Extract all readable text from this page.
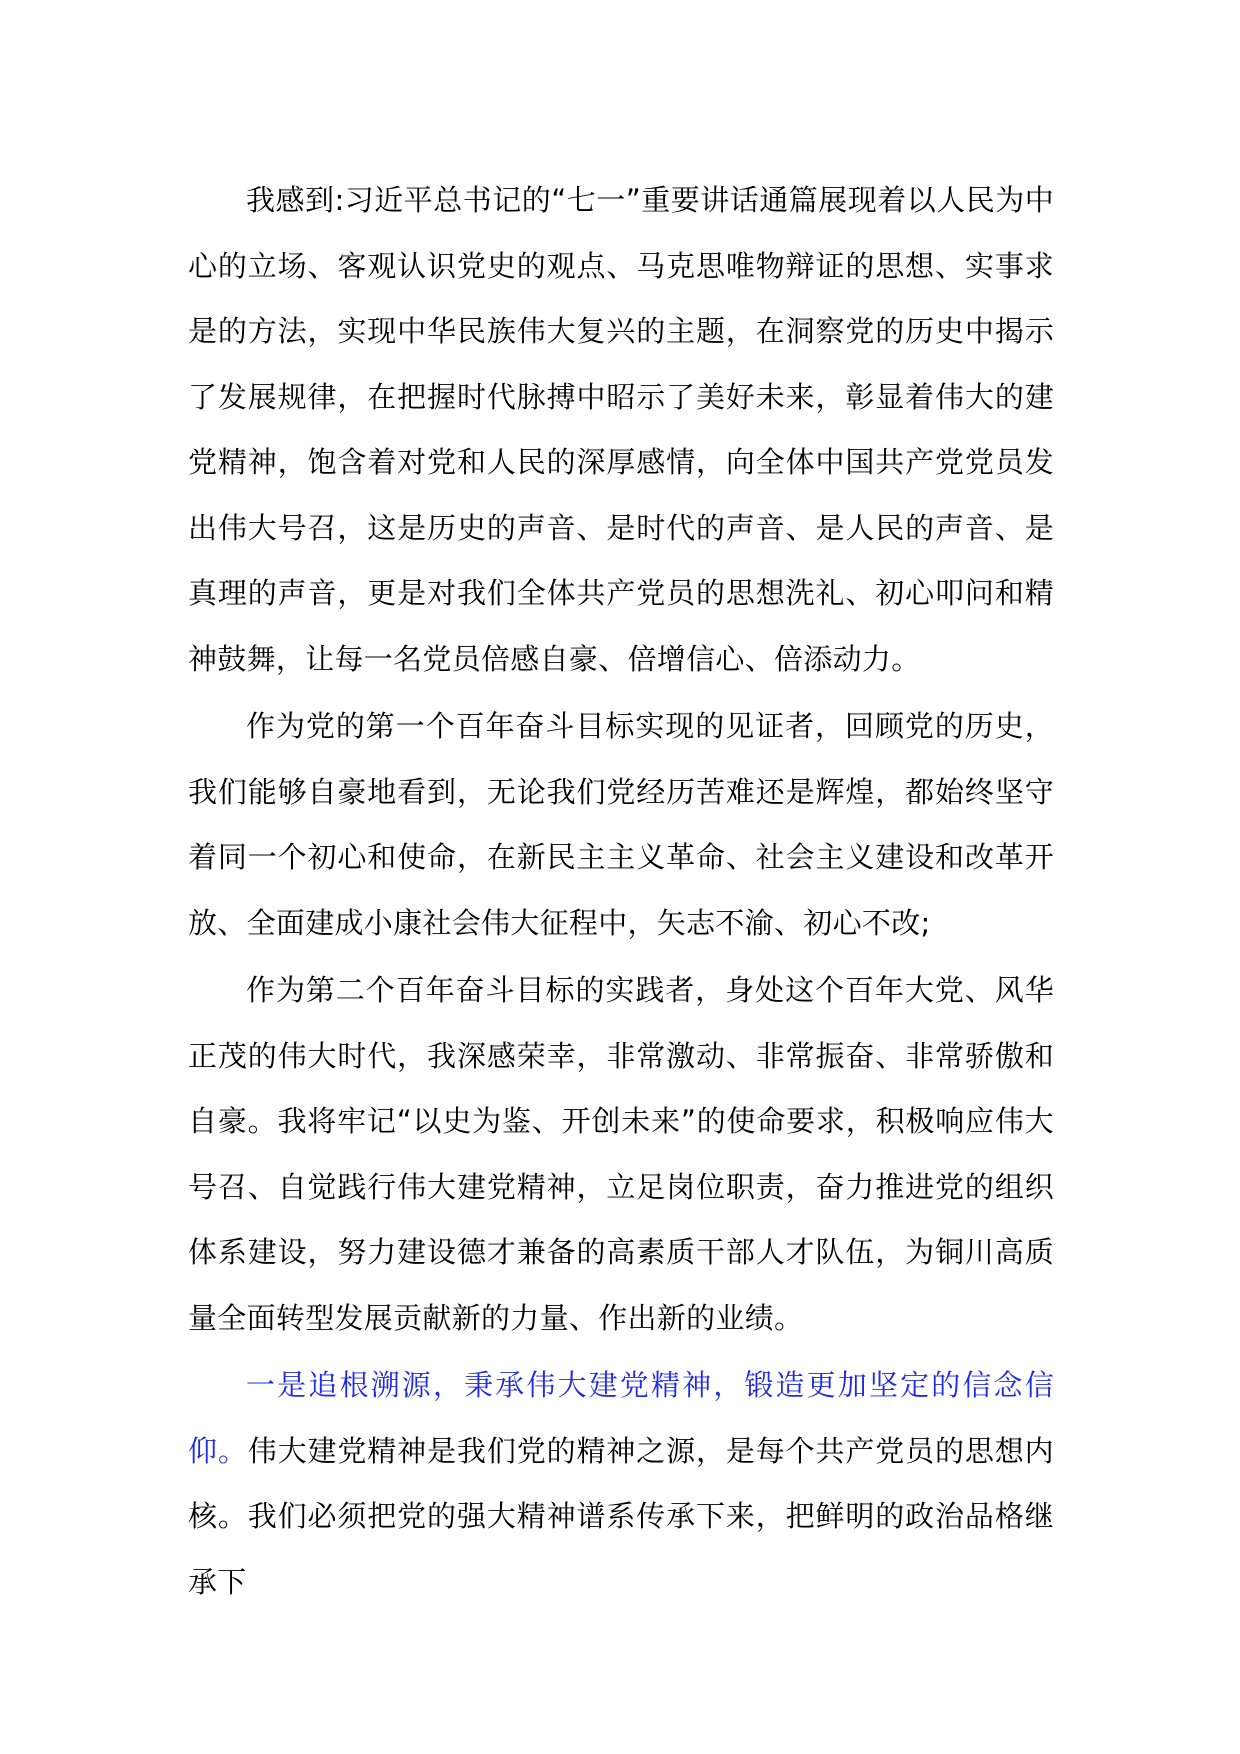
我感到:习近平总书记的“七一”重要讲话通篇展现着以人民为中心的立场、客观认识党史的观点、马克思唯物辩证的思想、实事求是的方法，实现中华民族伟大复兴的主题，在洞察党的历史中揭示了发展规律，在把握时代脉搏中昭示了美好未来，彰显着伟大的建党精神，饱含着对党和人民的深厚感情，向全体中国共产党党员发出伟大号召，这是历史的声音、是时代的声音、是人民的声音、是真理的声音，更是对我们全体共产党员的思想洗礼、初心叩问和精神鼓舞，让每一名党员倍感自豪、倍增信心、倍添动力。

作为党的第一个百年奋斗目标实现的见证者，回顾党的历史，我们能够自豪地看到，无论我们党经历苦难还是辉煌，都始终坚守着同一个初心和使命，在新民主主义革命、社会主义建设和改革开放、全面建成小康社会伟大征程中，矢志不渝、初心不改;

作为第二个百年奋斗目标的实践者，身处这个百年大党、风华正茂的伟大时代，我深感荣幸，非常激动、非常振奋、非常骄傲和自豪。我将牢记“以史为鉴、开创未来”的使命要求，积极响应伟大号召、自觉践行伟大建党精神，立足岗位职责，奋力推进党的组织体系建设，努力建设德才兼备的高素质干部人才队伍，为铜川高质量全面转型发展贡献新的力量、作出新的业绩。

一是追根溯源，秉承伟大建党精神，锻造更加坚定的信念信仰。伟大建党精神是我们党的精神之源，是每个共产党员的思想内核。我们必须把党的强大精神谱系传承下来，把鲜明的政治品格继承下
